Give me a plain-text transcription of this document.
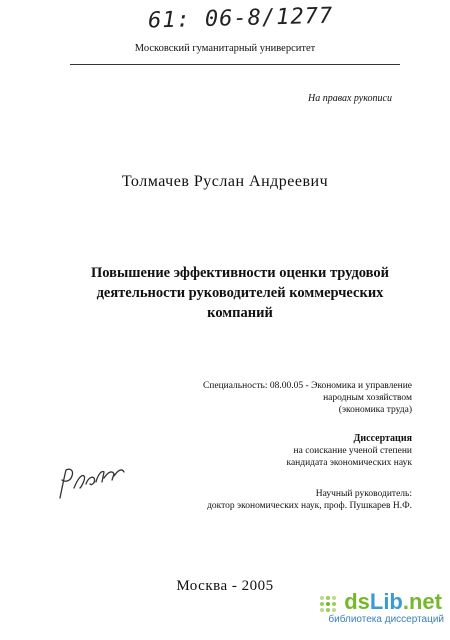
61: 06-8/1277
Московский гуманитарный университет
На правах рукописи
Толмачев Руслан Андреевич
Повышение эффективности оценки трудовой
деятельности руководителей коммерческих
компаний
Специальность: 08.00.05 - Экономика и управление
народным хозяйством
(экономика труда)
Диссертация
на соискание ученой степени
кандидата экономических наук
Научный руководитель:
доктор экономических наук, проф. Пушкарев Н.Ф.
Москва - 2005
dsLib.net
библиотека диссертаций
